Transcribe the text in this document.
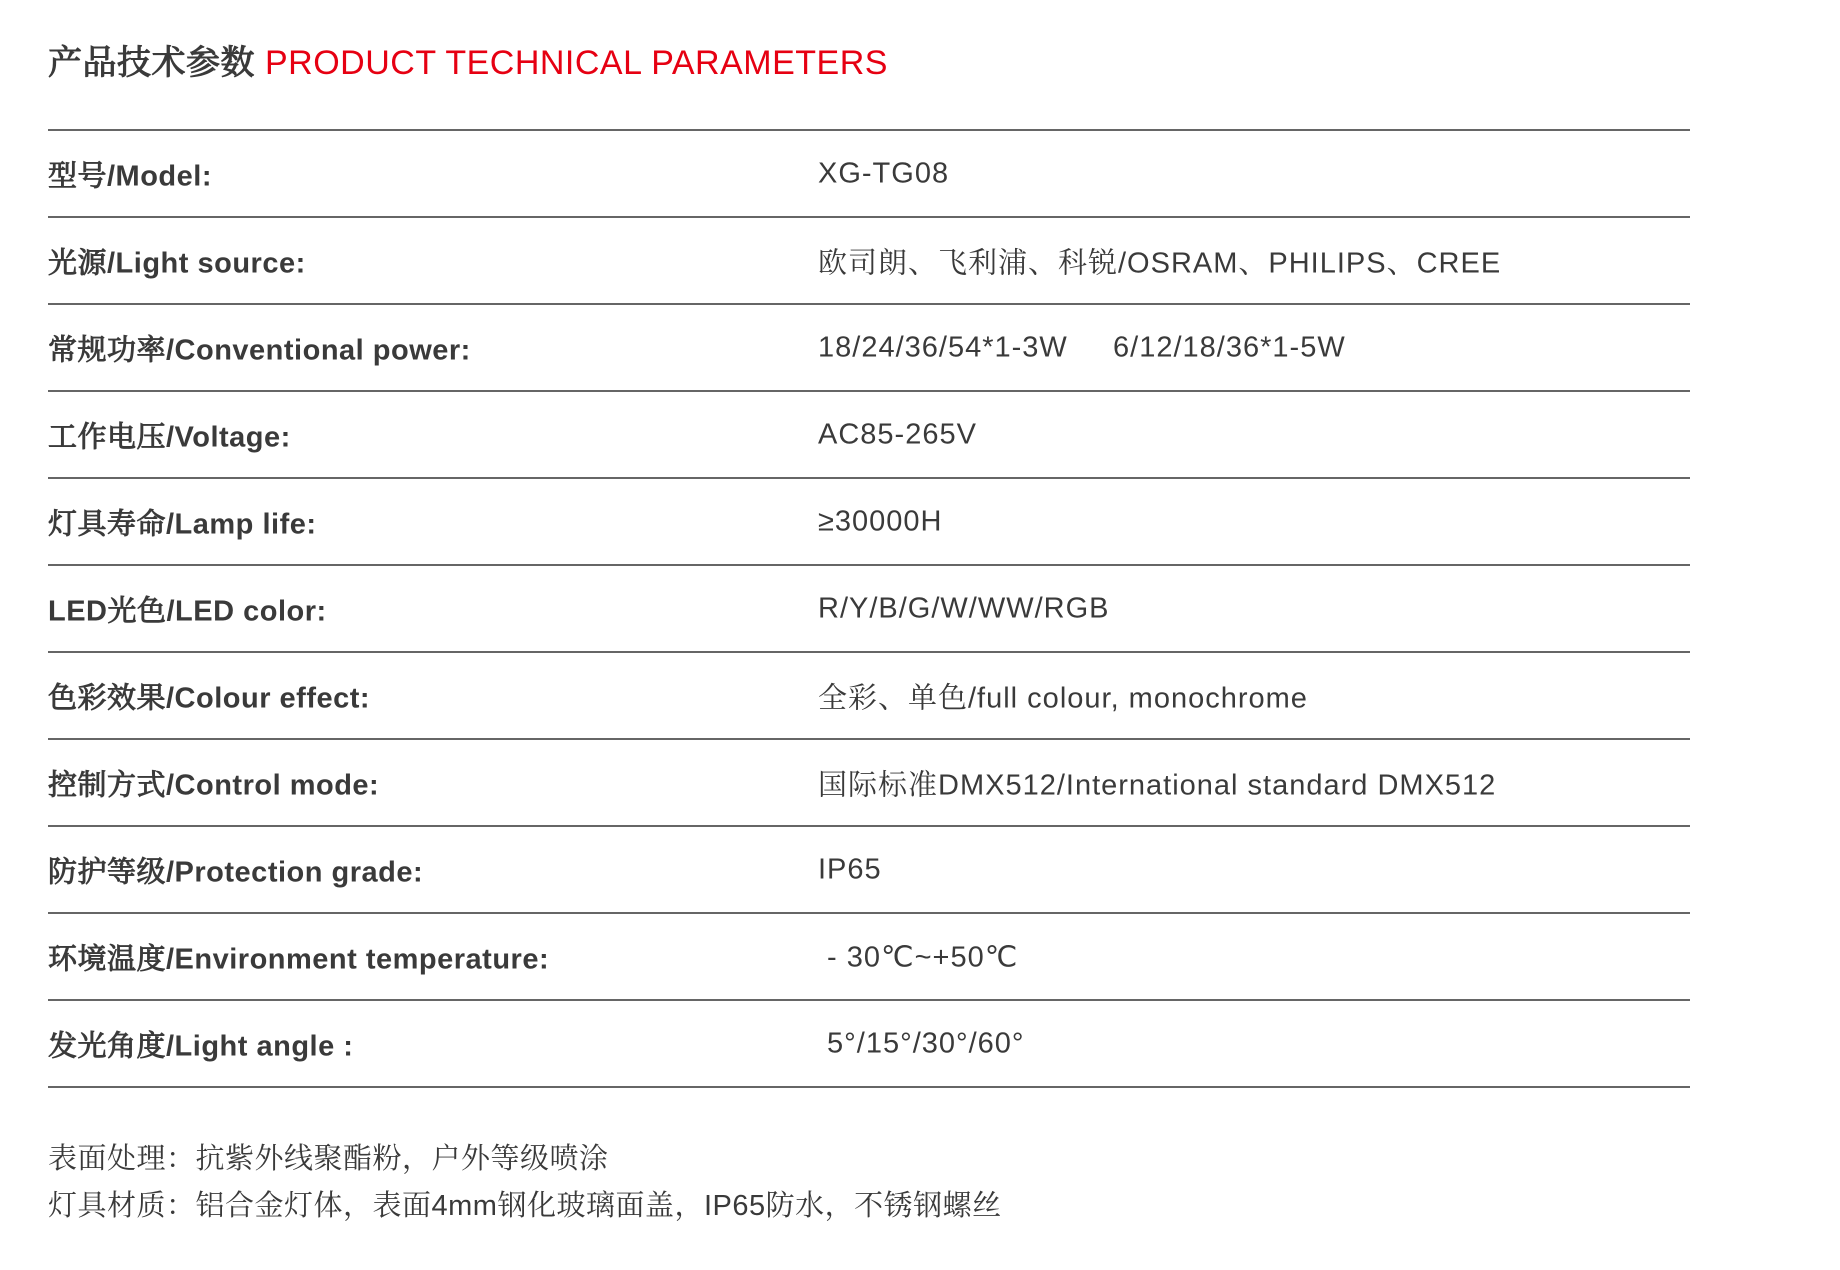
产品技术参数 PRODUCT TECHNICAL PARAMETERS
型号/Model:	XG-TG08
光源/Light source:	欧司朗、飞利浦、科锐/OSRAM、PHILIPS、CREE
常规功率/Conventional power:	18/24/36/54*1-3W     6/12/18/36*1-5W
工作电压/Voltage:	AC85-265V
灯具寿命/Lamp life:	≥30000H
LED光色/LED color:	R/Y/B/G/W/WW/RGB
色彩效果/Colour effect:	全彩、单色/full colour, monochrome
控制方式/Control mode:	国际标准DMX512/International standard DMX512
防护等级/Protection grade:	IP65
环境温度/Environment temperature:	- 30℃~+50℃
发光角度/Light angle :	5°/15°/30°/60°
表面处理：抗紫外线聚酯粉，户外等级喷涂
灯具材质：铝合金灯体，表面4mm钢化玻璃面盖，IP65防水，不锈钢螺丝
